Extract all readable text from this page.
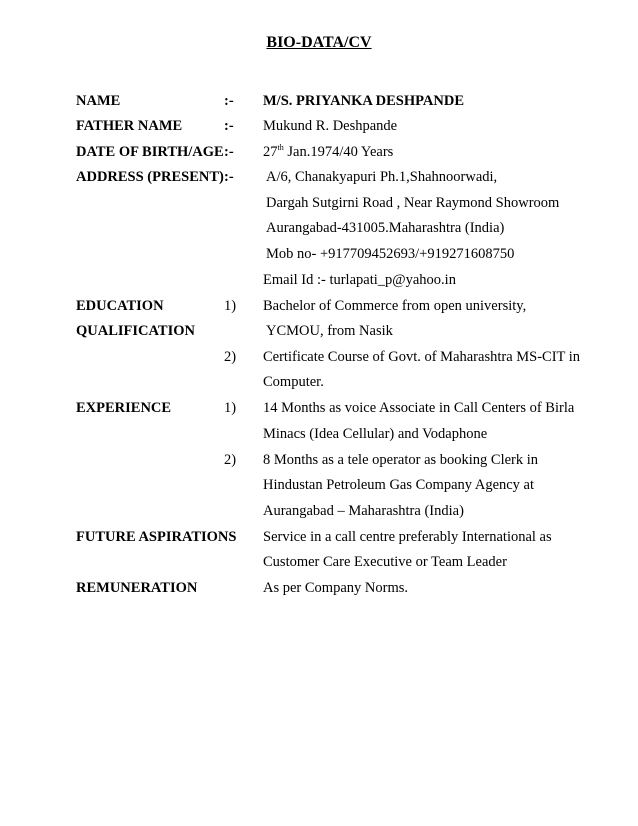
BIO-DATA/CV
NAME	:- M/S. PRIYANKA DESHPANDE
FATHER NAME	:- Mukund R. Deshpande
DATE OF BIRTH/AGE :- 27th Jan.1974/40 Years
ADDRESS (PRESENT) :- A/6, Chanakyapuri Ph.1,Shahnoorwadi,
Dargah Sutgirni Road , Near Raymond Showroom
Aurangabad-431005.Maharashtra (India)
Mob no- +917709452693/+919271608750
Email Id :- turlapati_p@yahoo.in
EDUCATION	1) Bachelor of Commerce from open university,
QUALIFICATION	YCMOU, from Nasik
2) Certificate Course of Govt. of Maharashtra MS-CIT in
Computer.
EXPERIENCE	1) 14 Months as voice Associate in Call Centers of Birla
Minacs (Idea Cellular) and Vodaphone
2) 8 Months as a tele operator as booking Clerk in
Hindustan Petroleum Gas Company Agency at
Aurangabad – Maharashtra (India)
FUTURE ASPIRATIONS Service in a call centre preferably International as
Customer Care Executive or Team Leader
REMUNERATION	As per Company Norms.
